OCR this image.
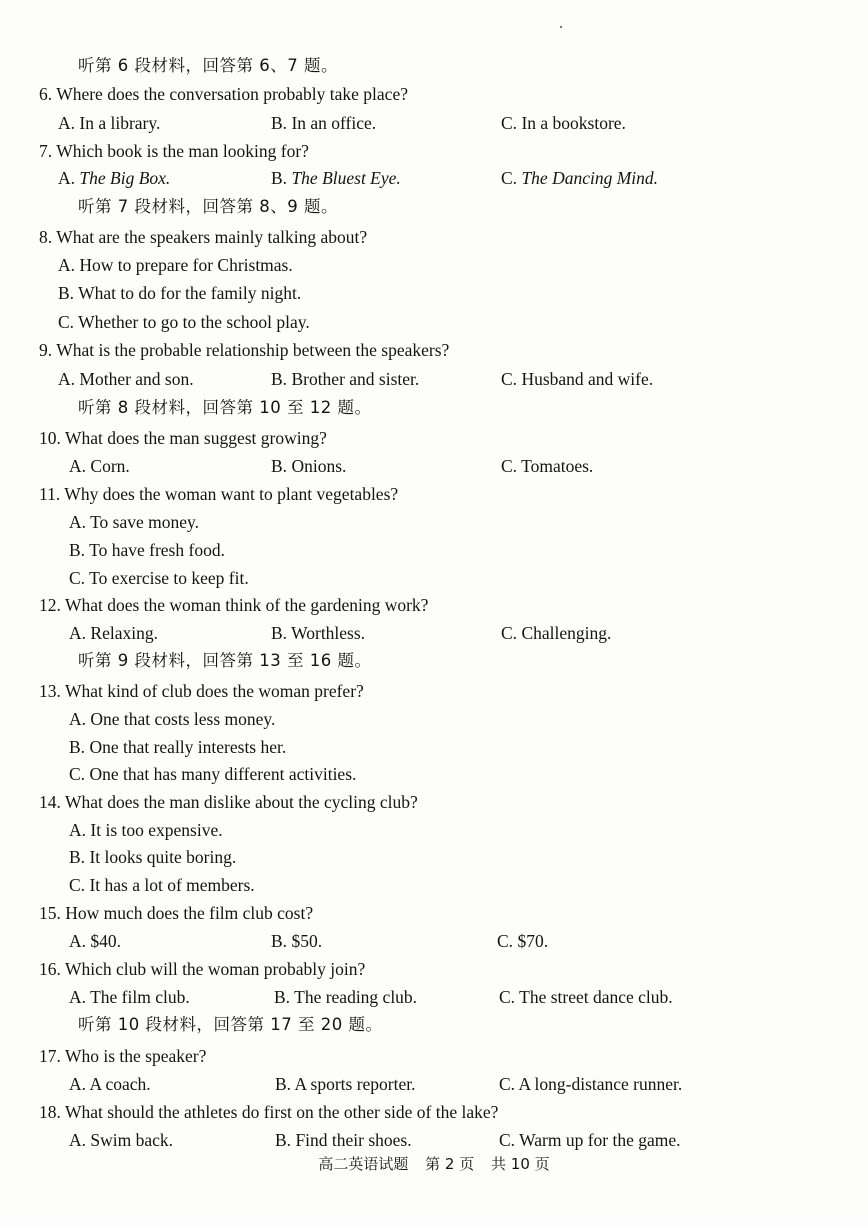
听第 6 段材料，回答第 6、7 题。
6. Where does the conversation probably take place?
A. In a library.	B. In an office.	C. In a bookstore.
7. Which book is the man looking for?
A. The Big Box.	B. The Bluest Eye.	C. The Dancing Mind.
听第 7 段材料，回答第 8、9 题。
8. What are the speakers mainly talking about?
A. How to prepare for Christmas.
B. What to do for the family night.
C. Whether to go to the school play.
9. What is the probable relationship between the speakers?
A. Mother and son.	B. Brother and sister.	C. Husband and wife.
听第 8 段材料，回答第 10 至 12 题。
10. What does the man suggest growing?
A. Corn.	B. Onions.	C. Tomatoes.
11. Why does the woman want to plant vegetables?
A. To save money.
B. To have fresh food.
C. To exercise to keep fit.
12. What does the woman think of the gardening work?
A. Relaxing.	B. Worthless.	C. Challenging.
听第 9 段材料，回答第 13 至 16 题。
13. What kind of club does the woman prefer?
A. One that costs less money.
B. One that really interests her.
C. One that has many different activities.
14. What does the man dislike about the cycling club?
A. It is too expensive.
B. It looks quite boring.
C. It has a lot of members.
15. How much does the film club cost?
A. $40.	B. $50.	C. $70.
16. Which club will the woman probably join?
A. The film club.	B. The reading club.	C. The street dance club.
听第 10 段材料，回答第 17 至 20 题。
17. Who is the speaker?
A. A coach.	B. A sports reporter.	C. A long-distance runner.
18. What should the athletes do first on the other side of the lake?
A. Swim back.	B. Find their shoes.	C. Warm up for the game.
高二英语试题 第 2 页 共 10 页
